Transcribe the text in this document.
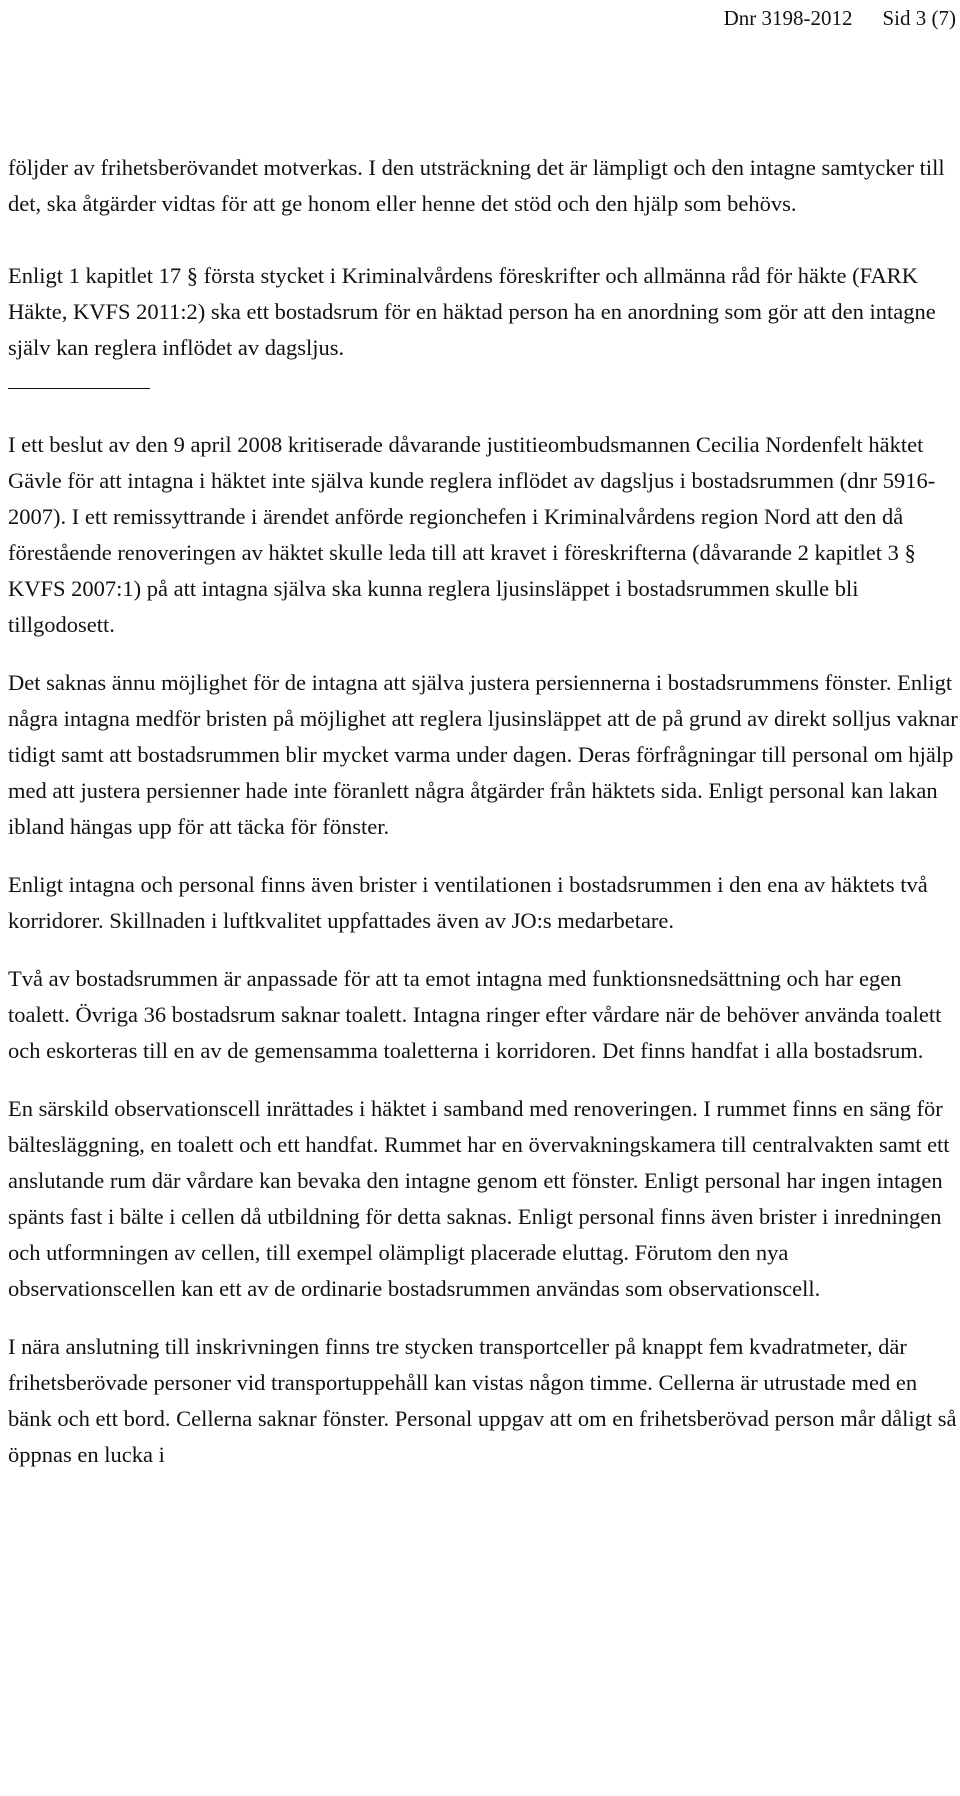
Dnr 3198-2012 Sid 3 (7)

följder av frihetsberövandet motverkas. I den utsträckning det är lämpligt och den intagne samtycker till det, ska åtgärder vidtas för att ge honom eller henne det stöd och den hjälp som behövs.

Enligt 1 kapitlet 17 § första stycket i Kriminalvårdens föreskrifter och allmänna råd för häkte (FARK Häkte, KVFS 2011:2) ska ett bostadsrum för en häktad person ha en anordning som gör att den intagne själv kan reglera inflödet av dagsljus.

I ett beslut av den 9 april 2008 kritiserade dåvarande justitieombudsmannen Cecilia Nordenfelt häktet Gävle för att intagna i häktet inte själva kunde reglera inflödet av dagsljus i bostadsrummen (dnr 5916-2007). I ett remissyttrande i ärendet anförde regionchefen i Kriminalvårdens region Nord att den då förestående renoveringen av häktet skulle leda till att kravet i föreskrifterna (dåvarande 2 kapitlet 3 § KVFS 2007:1) på att intagna själva ska kunna reglera ljusinsläppet i bostadsrummen skulle bli tillgodosett.

Det saknas ännu möjlighet för de intagna att själva justera persiennerna i bostadsrummens fönster. Enligt några intagna medför bristen på möjlighet att reglera ljusinsläppet att de på grund av direkt solljus vaknar tidigt samt att bostadsrummen blir mycket varma under dagen. Deras förfrågningar till personal om hjälp med att justera persienner hade inte föranlett några åtgärder från häktets sida. Enligt personal kan lakan ibland hängas upp för att täcka för fönster.

Enligt intagna och personal finns även brister i ventilationen i bostadsrummen i den ena av häktets två korridorer. Skillnaden i luftkvalitet uppfattades även av JO:s medarbetare.

Två av bostadsrummen är anpassade för att ta emot intagna med funktionsnedsättning och har egen toalett. Övriga 36 bostadsrum saknar toalett. Intagna ringer efter vårdare när de behöver använda toalett och eskorteras till en av de gemensamma toaletterna i korridoren. Det finns handfat i alla bostadsrum.

En särskild observationscell inrättades i häktet i samband med renoveringen. I rummet finns en säng för bältesläggning, en toalett och ett handfat. Rummet har en övervakningskamera till centralvakten samt ett anslutande rum där vårdare kan bevaka den intagne genom ett fönster. Enligt personal har ingen intagen spänts fast i bälte i cellen då utbildning för detta saknas. Enligt personal finns även brister i inredningen och utformningen av cellen, till exempel olämpligt placerade eluttag. Förutom den nya observationscellen kan ett av de ordinarie bostadsrummen användas som observationscell.

I nära anslutning till inskrivningen finns tre stycken transportceller på knappt fem kvadratmeter, där frihetsberövade personer vid transportuppehåll kan vistas någon timme. Cellerna är utrustade med en bänk och ett bord. Cellerna saknar fönster. Personal uppgav att om en frihetsberövad person mår dåligt så öppnas en lucka i
